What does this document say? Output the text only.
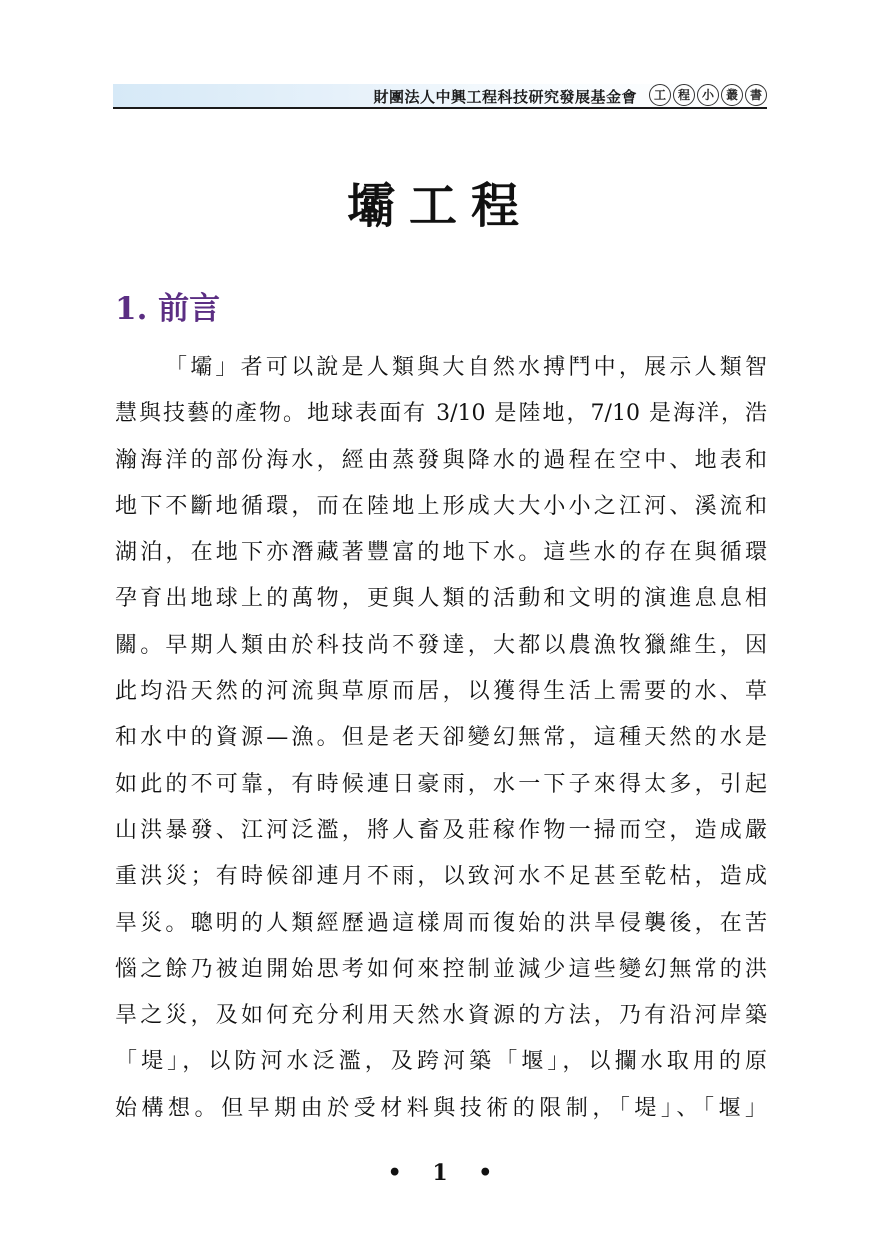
財團法人中興工程科技研究發展基金會	工 程 小 叢 書
壩工程
1. 前言
「壩」者可以說是人類與大自然水搏鬥中，展示人類智
慧與技藝的產物。地球表面有 3/10 是陸地，7/10 是海洋，浩
瀚海洋的部份海水，經由蒸發與降水的過程在空中、地表和
地下不斷地循環，而在陸地上形成大大小小之江河、溪流和
湖泊，在地下亦潛藏著豐富的地下水。這些水的存在與循環
孕育出地球上的萬物，更與人類的活動和文明的演進息息相
關。早期人類由於科技尚不發達，大都以農漁牧獵維生，因
此均沿天然的河流與草原而居，以獲得生活上需要的水、草
和水中的資源—漁。但是老天卻變幻無常，這種天然的水是
如此的不可靠，有時候連日豪雨，水一下子來得太多，引起
山洪暴發、江河泛濫，將人畜及莊稼作物一掃而空，造成嚴
重洪災；有時候卻連月不雨，以致河水不足甚至乾枯，造成
旱災。聰明的人類經歷過這樣周而復始的洪旱侵襲後，在苦
惱之餘乃被迫開始思考如何來控制並減少這些變幻無常的洪
旱之災，及如何充分利用天然水資源的方法，乃有沿河岸築
「堤」，以防河水泛濫，及跨河築「堰」，以攔水取用的原
始構想。但早期由於受材料與技術的限制，「堤」、「堰」
• 1 •
